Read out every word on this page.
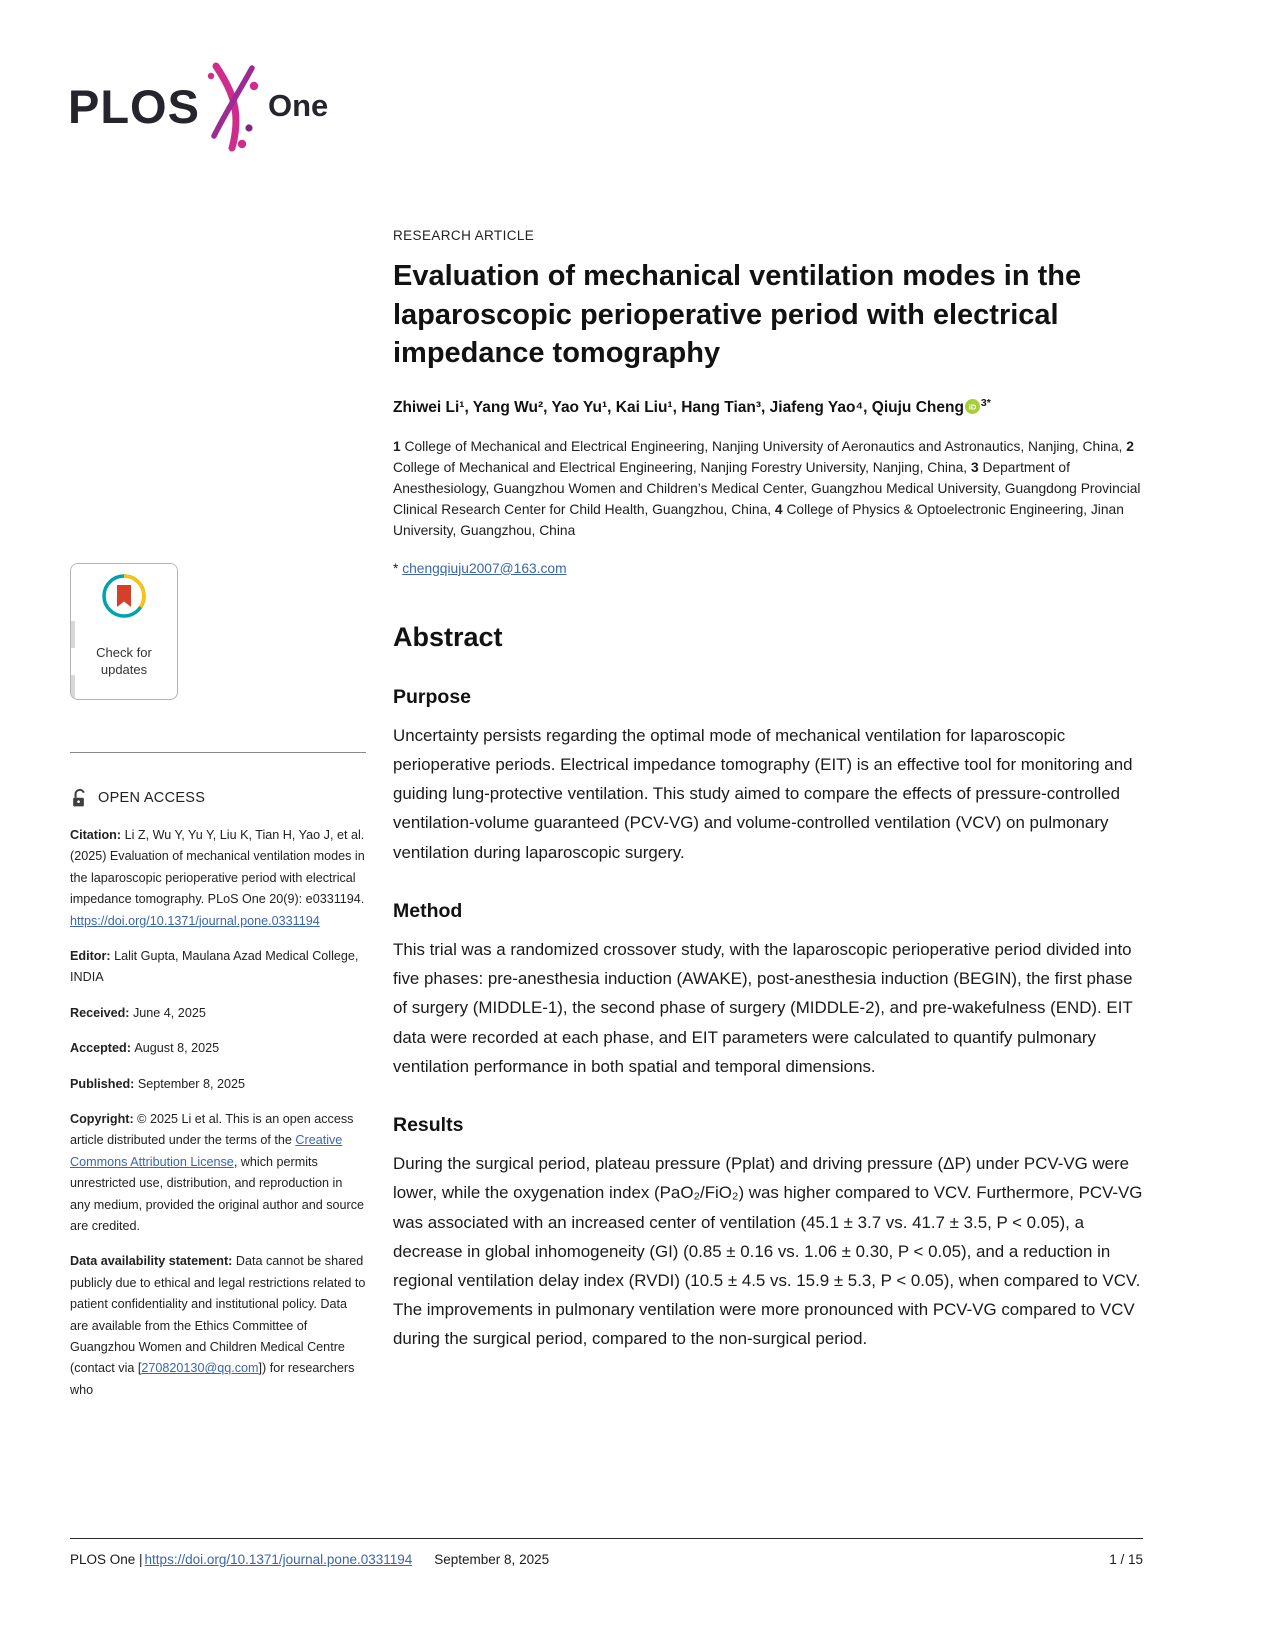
PLOS One
Check for
updates
OPEN ACCESS

Citation: Li Z, Wu Y, Yu Y, Liu K, Tian H, Yao J, et al. (2025) Evaluation of mechanical ventilation modes in the laparoscopic perioperative period with electrical impedance tomography. PLoS One 20(9): e0331194. https://doi.org/10.1371/journal.pone.0331194

Editor: Lalit Gupta, Maulana Azad Medical College, INDIA

Received: June 4, 2025

Accepted: August 8, 2025

Published: September 8, 2025

Copyright: © 2025 Li et al. This is an open access article distributed under the terms of the Creative Commons Attribution License, which permits unrestricted use, distribution, and reproduction in any medium, provided the original author and source are credited.

Data availability statement: Data cannot be shared publicly due to ethical and legal restrictions related to patient confidentiality and institutional policy. Data are available from the Ethics Committee of Guangzhou Women and Children Medical Centre (contact via [270820130@qq.com]) for researchers who

RESEARCH ARTICLE
Evaluation of mechanical ventilation modes in the laparoscopic perioperative period with electrical impedance tomography

Zhiwei Li¹, Yang Wu², Yao Yu¹, Kai Liu¹, Hang Tian³, Jiafeng Yao⁴, Qiuju Cheng iD $^{3*}$

1 College of Mechanical and Electrical Engineering, Nanjing University of Aeronautics and Astronautics, Nanjing, China, 2 College of Mechanical and Electrical Engineering, Nanjing Forestry University, Nanjing, China, 3 Department of Anesthesiology, Guangzhou Women and Children’s Medical Center, Guangzhou Medical University, Guangdong Provincial Clinical Research Center for Child Health, Guangzhou, China, 4 College of Physics & Optoelectronic Engineering, Jinan University, Guangzhou, China

* chengqiuju2007@163.com

Abstract
Purpose

Uncertainty persists regarding the optimal mode of mechanical ventilation for laparoscopic perioperative periods. Electrical impedance tomography (EIT) is an effective tool for monitoring and guiding lung-protective ventilation. This study aimed to compare the effects of pressure-controlled ventilation-volume guaranteed (PCV-VG) and volume-controlled ventilation (VCV) on pulmonary ventilation during laparoscopic surgery.

Method

This trial was a randomized crossover study, with the laparoscopic perioperative period divided into five phases: pre-anesthesia induction (AWAKE), post-anesthesia induction (BEGIN), the first phase of surgery (MIDDLE-1), the second phase of surgery (MIDDLE-2), and pre-wakefulness (END). EIT data were recorded at each phase, and EIT parameters were calculated to quantify pulmonary ventilation performance in both spatial and temporal dimensions.

Results

During the surgical period, plateau pressure (Pplat) and driving pressure (ΔP) under PCV-VG were lower, while the oxygenation index (PaO₂/FiO₂) was higher compared to VCV. Furthermore, PCV-VG was associated with an increased center of ventilation (45.1 ± 3.7 vs. 41.7 ± 3.5, P < 0.05), a decrease in global inhomogeneity (GI) (0.85 ± 0.16 vs. 1.06 ± 0.30, P < 0.05), and a reduction in regional ventilation delay index (RVDI) (10.5 ± 4.5 vs. 15.9 ± 5.3, P < 0.05), when compared to VCV. The improvements in pulmonary ventilation were more pronounced with PCV-VG compared to VCV during the surgical period, compared to the non-surgical period.

PLOS One | https://doi.org/10.1371/journal.pone.0331194 September 8, 2025	1 / 15
